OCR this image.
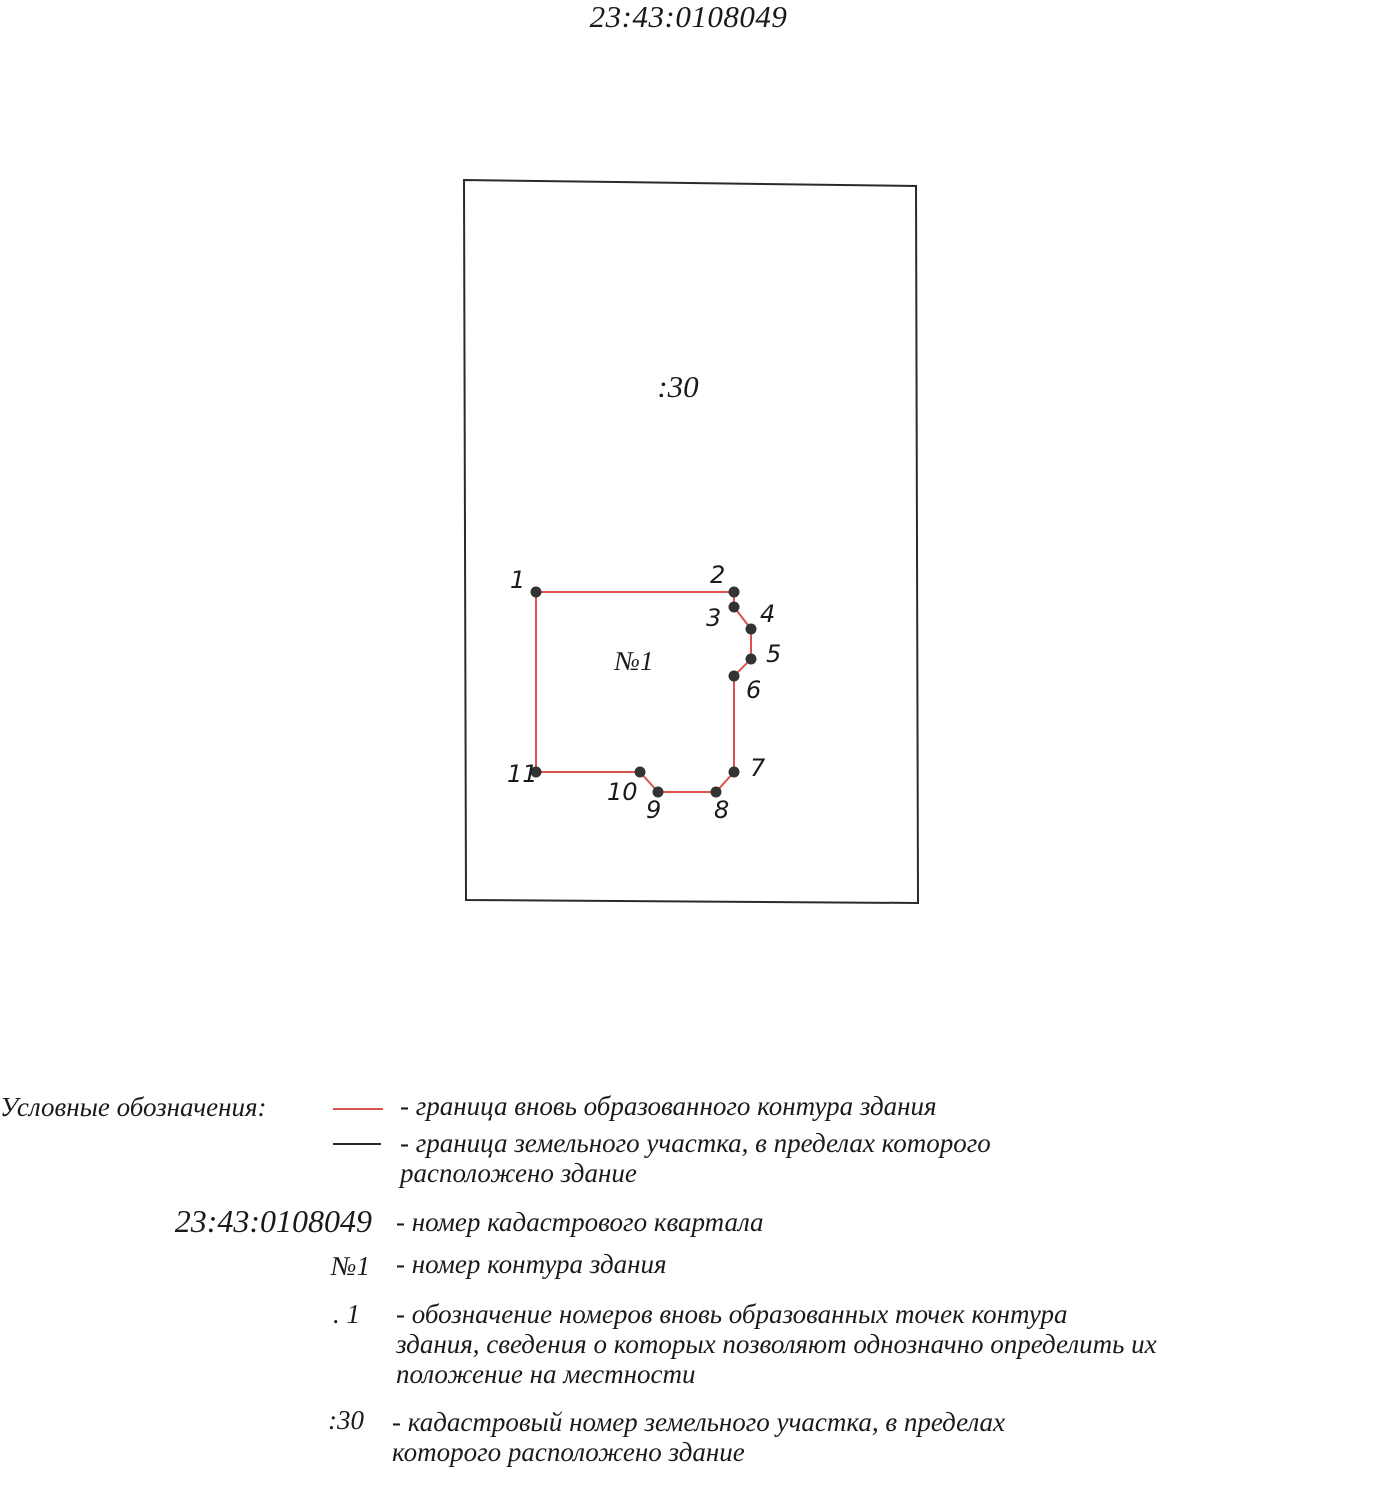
23:43:0108049
:30
№1
1	2
3 4
5
6
7
8
9
10
11
Условные обозначения:	- граница вновь образованного контура здания
- граница земельного участка, в пределах которого
расположено здание
23:43:0108049 - номер кадастрового квартала
№1 - номер контура здания
. 1 - обозначение номеров вновь образованных точек контура
здания, сведения о которых позволяют однозначно определить их
положение на местности
:30 - кадастровый номер земельного участка, в пределах
которого расположено здание
